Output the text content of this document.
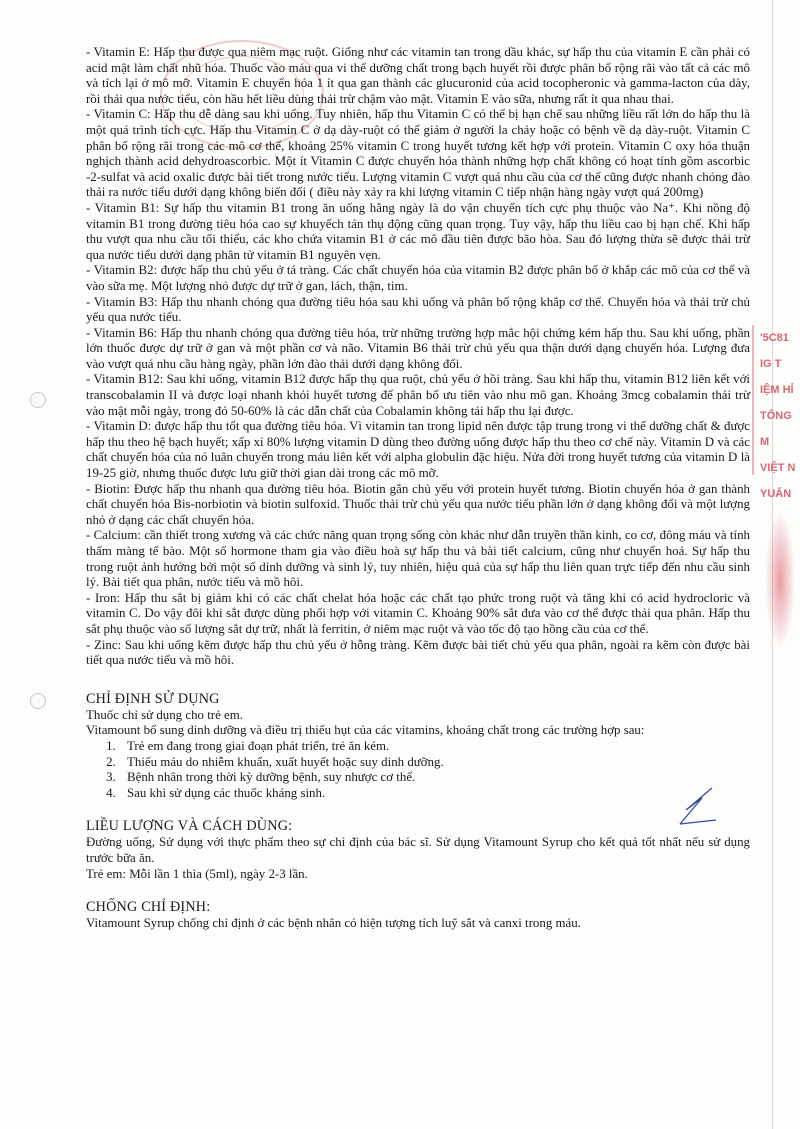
'5C81
IG T
IỆM HỈ
TỐNG M
VIỆT N
YUẤN

- Vitamin E: Hấp thu được qua niêm mạc ruột. Giống như các vitamin tan trong dầu khác, sự hấp thu của vitamin E cần phải có acid mật làm chất nhũ hóa. Thuốc vào máu qua vi thể dưỡng chất trong bạch huyết rồi được phân bố rộng rãi vào tất cả các mô và tích lại ở mô mỡ. Vitamin E chuyển hóa 1 ít qua gan thành các glucuronid của acid tocopheronic và gamma-lacton của dày, rồi thải qua nước tiểu, còn hầu hết liều dùng thải trừ chậm vào mật. Vitamin E vào sữa, nhưng rất ít qua nhau thai.

- Vitamin C: Hấp thu dễ dàng sau khi uống. Tuy nhiên, hấp thu Vitamin C có thể bị hạn chế sau những liều rất lớn do hấp thu là một quá trình tích cực. Hấp thu Vitamin C ở dạ dày-ruột có thể giảm ở người la chảy hoặc có bệnh về dạ dày-ruột. Vitamin C phân bố rộng rãi trong các mô cơ thể, khoảng 25% vitamin C trong huyết tương kết hợp với protein. Vitamin C oxy hóa thuận nghịch thành acid dehydroascorbic. Một ít Vitamin C được chuyển hóa thành những hợp chất không có hoạt tính gồm ascorbic -2-sulfat và acid oxalic được bài tiết trong nước tiểu. Lượng vitamin C vượt quá nhu cầu của cơ thể cũng được nhanh chóng đào thải ra nước tiểu dưới dạng không biến đổi ( điều này xảy ra khi lượng vitamin C tiếp nhận hàng ngày vượt quá 200mg)

- Vitamin B1: Sự hấp thu vitamin B1 trong ăn uống hằng ngày là do vận chuyển tích cực phụ thuộc vào Na⁺. Khi nồng độ vitamin B1 trong đường tiêu hóa cao sự khuyếch tán thụ động cũng quan trọng. Tuy vậy, hấp thu liều cao bị hạn chế. Khi hấp thu vượt qua nhu cầu tối thiểu, các kho chứa vitamin B1 ở các mô đầu tiên được bão hòa. Sau đó lượng thừa sẽ được thải trừ qua nước tiểu dưới dạng phân tử vitamin B1 nguyên vẹn.

- Vitamin B2: được hấp thu chủ yếu ở tá tràng. Các chất chuyển hóa của vitamin B2 được phân bố ở khắp các mô của cơ thể và vào sữa mẹ. Một lượng nhỏ được dự trữ ở gan, lách, thận, tim.

- Vitamin B3: Hấp thu nhanh chóng qua đường tiêu hóa sau khi uống và phân bố rộng khắp cơ thể. Chuyển hóa và thải trừ chủ yếu qua nước tiểu.

- Vitamin B6: Hấp thu nhanh chóng qua đường tiêu hóa, trừ những trường hợp mắc hội chứng kém hấp thu. Sau khi uống, phần lớn thuốc được dự trữ ở gan và một phần cơ và não. Vitamin B6 thải trừ chủ yếu qua thận dưới dạng chuyển hóa. Lượng đưa vào vượt quá nhu cầu hàng ngày, phần lớn đào thải dưới dạng không đổi.

- Vitamin B12: Sau khi uống, vitamin B12 được hấp thụ qua ruột, chủ yếu ở hồi tràng. Sau khi hấp thu, vitamin B12 liên kết với transcobalamin II và được loại nhanh khỏi huyết tương để phân bố ưu tiên vào nhu mô gan. Khoảng 3mcg cobalamin thải trừ vào mật mỗi ngày, trong đó 50-60% là các dẫn chất của Cobalamin không tái hấp thu lại được.

- Vitamin D: được hấp thu tốt qua đường tiêu hóa. Vì vitamin tan trong lipid nên được tập trung trong vi thể dưỡng chất & được hấp thu theo hệ bạch huyết; xấp xỉ 80% lượng vitamin D dùng theo đường uống được hấp thu theo cơ chế này. Vitamin D và các chất chuyển hóa của nó luân chuyển trong máu liên kết với alpha globulin đặc hiệu. Nửa đời trong huyết tương của vitamin D là 19-25 giờ, nhưng thuốc được lưu giữ thời gian dài trong các mô mỡ.

- Biotin: Được hấp thu nhanh qua đường tiêu hóa. Biotin gắn chủ yếu với protein huyết tương. Biotin chuyển hóa ở gan thành chất chuyển hóa Bis-norbiotin và biotin sulfoxid. Thuốc thải trừ chủ yếu qua nước tiểu phần lớn ở dạng không đổi và một lượng nhỏ ở dạng các chất chuyển hóa.

- Calcium: cần thiết trong xương và các chức năng quan trọng sống còn khác như dẫn truyền thần kinh, co cơ, đông máu và tính thấm màng tế bào. Một số hormone tham gia vào điều hoà sự hấp thu và bài tiết calcium, cũng như chuyển hoá. Sự hấp thu trong ruột ảnh hưởng bởi một số dinh dưỡng và sinh lý, tuy nhiên, hiệu quả của sự hấp thu liên quan trực tiếp đến nhu cầu sinh lý. Bài tiết qua phân, nước tiểu và mồ hôi.

- Iron: Hấp thu sắt bị giảm khi có các chất chelat hóa hoặc các chất tạo phức trong ruột và tăng khi có acid hydrocloric và vitamin C. Do vậy đôi khi sắt được dùng phối hợp với vitamin C. Khoảng 90% sắt đưa vào cơ thể được thải qua phân. Hấp thu sắt phụ thuộc vào số lượng sắt dự trữ, nhất là ferritin, ở niêm mạc ruột và vào tốc độ tạo hồng cầu của cơ thể.

- Zinc: Sau khi uống kẽm được hấp thu chủ yếu ở hỗng tràng. Kẽm được bài tiết chủ yếu qua phân, ngoài ra kẽm còn được bài tiết qua nước tiểu và mồ hôi.

CHỈ ĐỊNH SỬ DỤNG

Thuốc chỉ sử dụng cho trẻ em.

Vitamount bổ sung dinh dưỡng và điều trị thiếu hụt của các vitamins, khoáng chất trong các trường hợp sau:

1. Trẻ em đang trong giai đoạn phát triển, trẻ ăn kém.
2. Thiếu máu do nhiễm khuẩn, xuất huyết hoặc suy dinh dưỡng.
3. Bệnh nhân trong thời kỳ dưỡng bệnh, suy nhược cơ thể.
4. Sau khi sử dụng các thuốc kháng sinh.
LIỀU LƯỢNG VÀ CÁCH DÙNG:

Đường uống, Sử dụng với thực phẩm theo sự chỉ định của bác sĩ. Sử dụng Vitamount Syrup cho kết quả tốt nhất nếu sử dụng trước bữa ăn.

Trẻ em: Mỗi lần 1 thìa (5ml), ngày 2-3 lần.

CHỐNG CHỈ ĐỊNH:

Vitamount Syrup chống chỉ định ở các bệnh nhân có hiện tượng tích luỹ sắt và canxi trong máu.
